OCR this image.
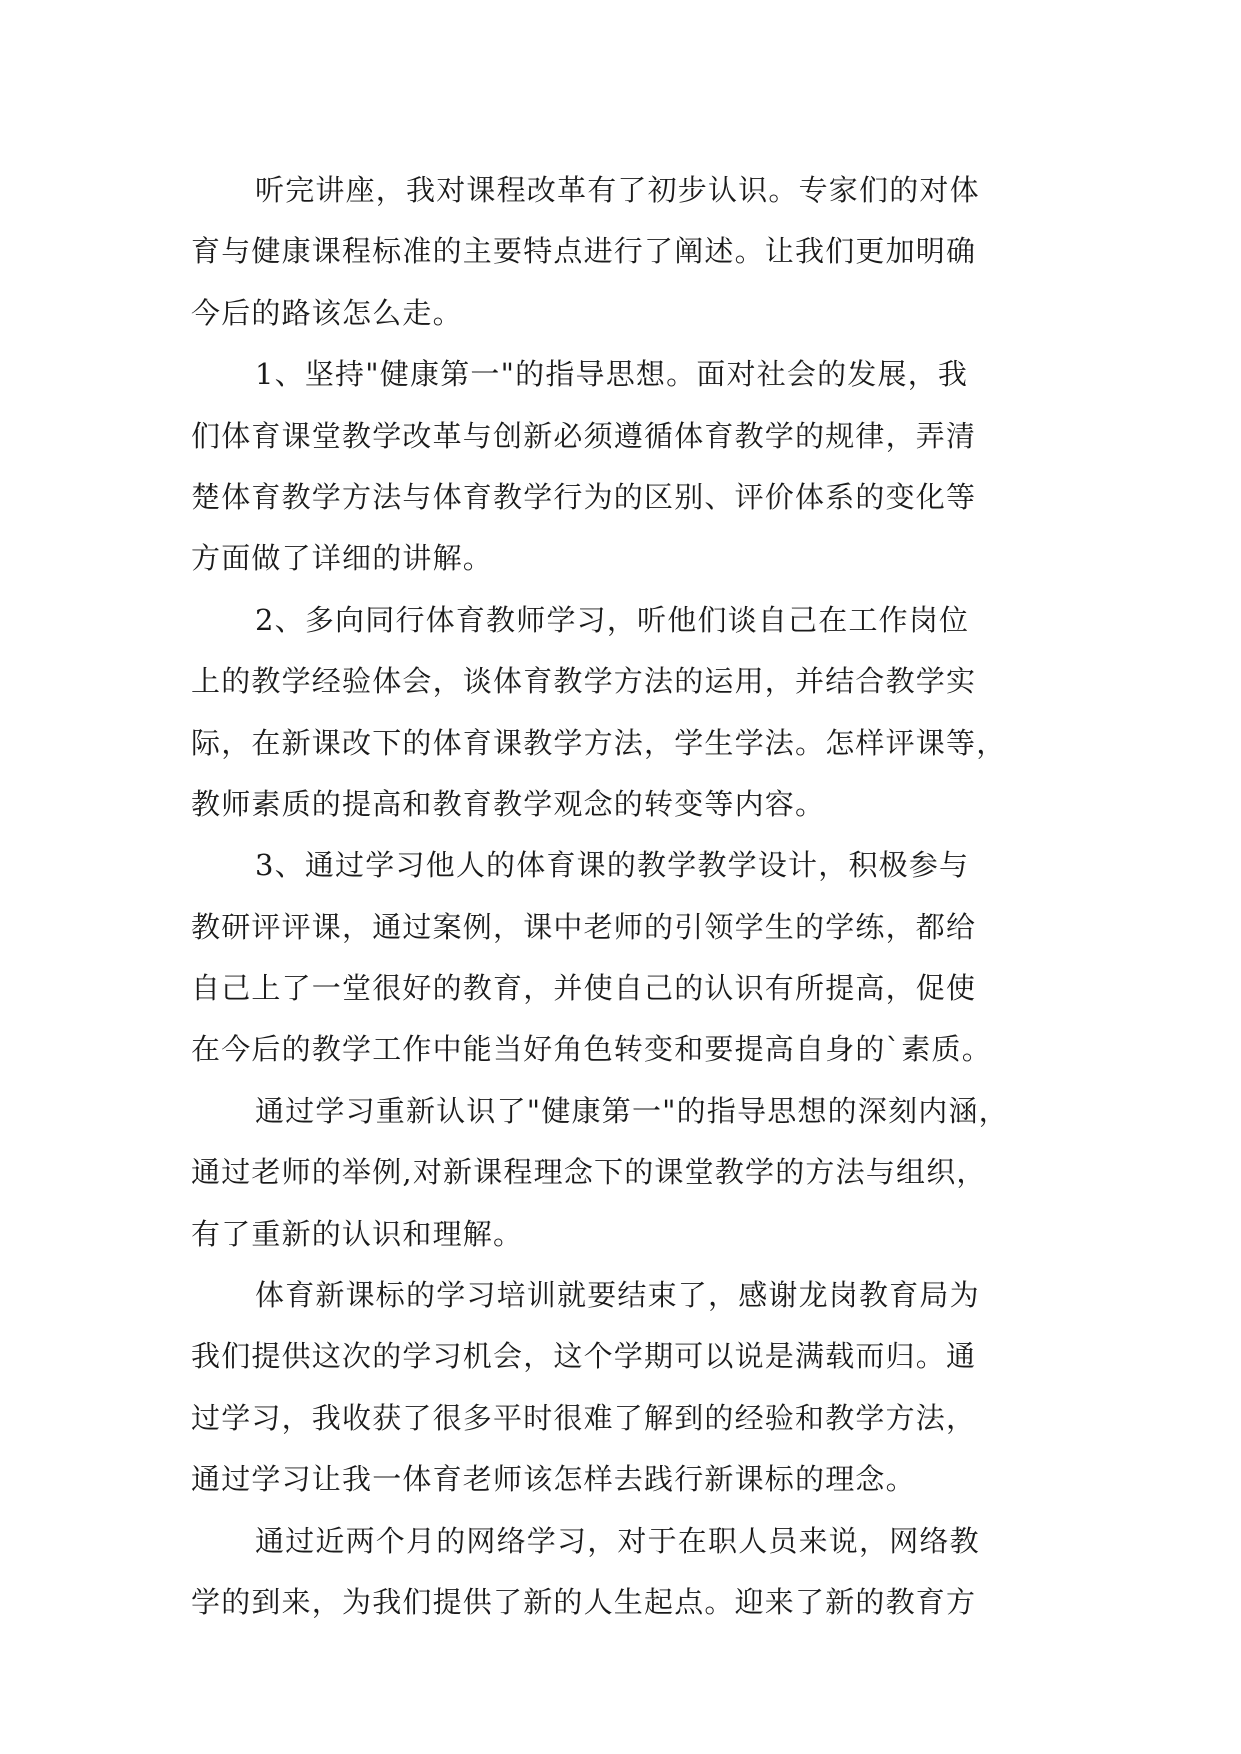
听完讲座，我对课程改革有了初步认识。专家们的对体
育与健康课程标准的主要特点进行了阐述。让我们更加明确
今后的路该怎么走。
1、坚持"健康第一"的指导思想。面对社会的发展，我
们体育课堂教学改革与创新必须遵循体育教学的规律，弄清
楚体育教学方法与体育教学行为的区别、评价体系的变化等
方面做了详细的讲解。
2、多向同行体育教师学习，听他们谈自己在工作岗位
上的教学经验体会，谈体育教学方法的运用，并结合教学实
际，在新课改下的体育课教学方法，学生学法。怎样评课等，
教师素质的提高和教育教学观念的转变等内容。
3、通过学习他人的体育课的教学教学设计，积极参与
教研评评课，通过案例，课中老师的引领学生的学练，都给
自己上了一堂很好的教育，并使自己的认识有所提高，促使
在今后的教学工作中能当好角色转变和要提高自身的`素质。
通过学习重新认识了"健康第一"的指导思想的深刻内涵，
通过老师的举例,对新课程理念下的课堂教学的方法与组织，
有了重新的认识和理解。
体育新课标的学习培训就要结束了，感谢龙岗教育局为
我们提供这次的学习机会，这个学期可以说是满载而归。通
过学习，我收获了很多平时很难了解到的经验和教学方法，
通过学习让我一体育老师该怎样去践行新课标的理念。
通过近两个月的网络学习，对于在职人员来说，网络教
学的到来，为我们提供了新的人生起点。迎来了新的教育方
